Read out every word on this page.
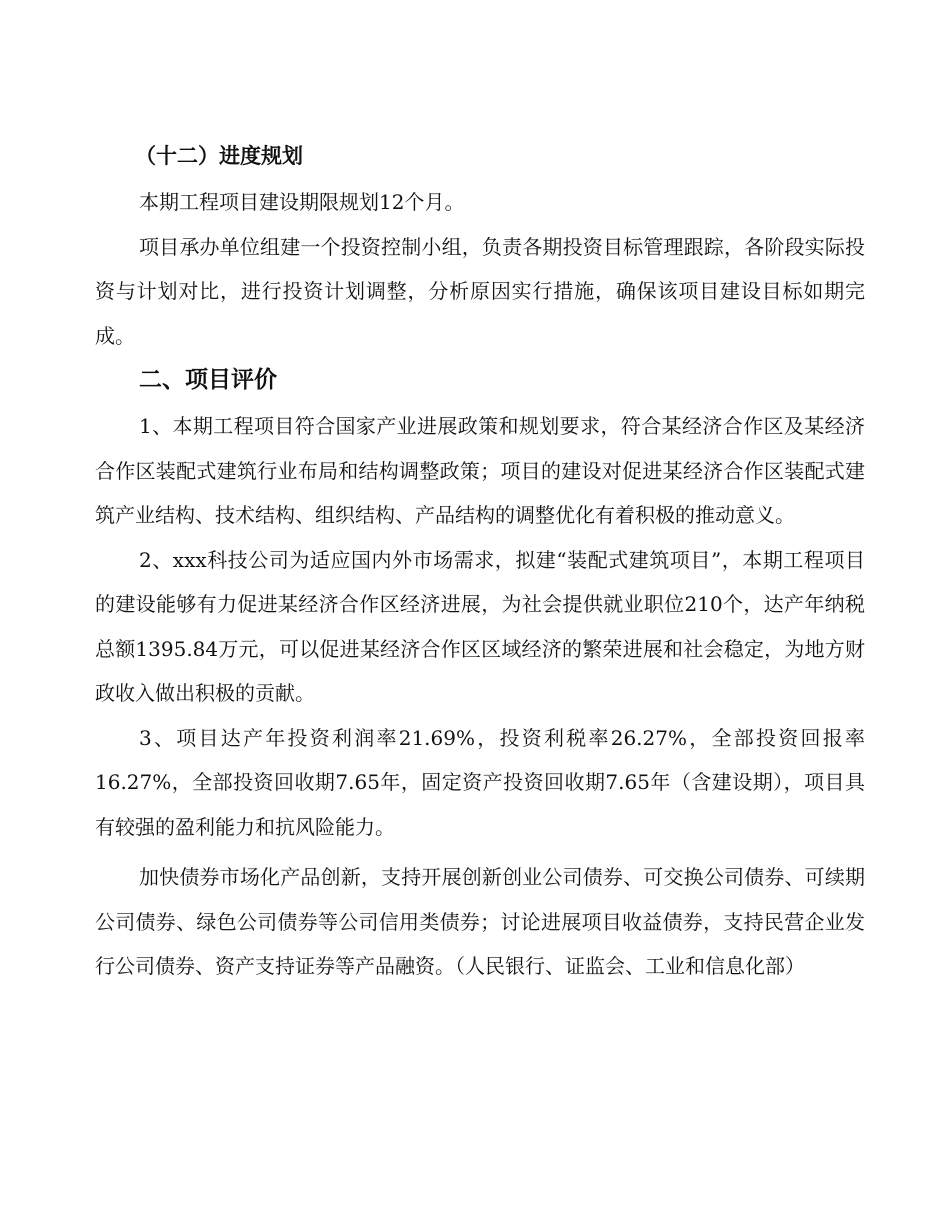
（十二）进度规划

本期工程项目建设期限规划12个月。

项目承办单位组建一个投资控制小组，负责各期投资目标管理跟踪，各阶段实际投资与计划对比，进行投资计划调整，分析原因实行措施，确保该项目建设目标如期完成。

二、项目评价

1、本期工程项目符合国家产业进展政策和规划要求，符合某经济合作区及某经济合作区装配式建筑行业布局和结构调整政策；项目的建设对促进某经济合作区装配式建筑产业结构、技术结构、组织结构、产品结构的调整优化有着积极的推动意义。

2、xxx科技公司为适应国内外市场需求，拟建“装配式建筑项目”，本期工程项目的建设能够有力促进某经济合作区经济进展，为社会提供就业职位210个，达产年纳税总额1395.84万元，可以促进某经济合作区区域经济的繁荣进展和社会稳定，为地方财政收入做出积极的贡献。

3、项目达产年投资利润率21.69%，投资利税率26.27%，全部投资回报率16.27%，全部投资回收期7.65年，固定资产投资回收期7.65年（含建设期），项目具有较强的盈利能力和抗风险能力。

加快债券市场化产品创新，支持开展创新创业公司债券、可交换公司债券、可续期公司债券、绿色公司债券等公司信用类债券；讨论进展项目收益债券，支持民营企业发行公司债券、资产支持证券等产品融资。（人民银行、证监会、工业和信息化部）
